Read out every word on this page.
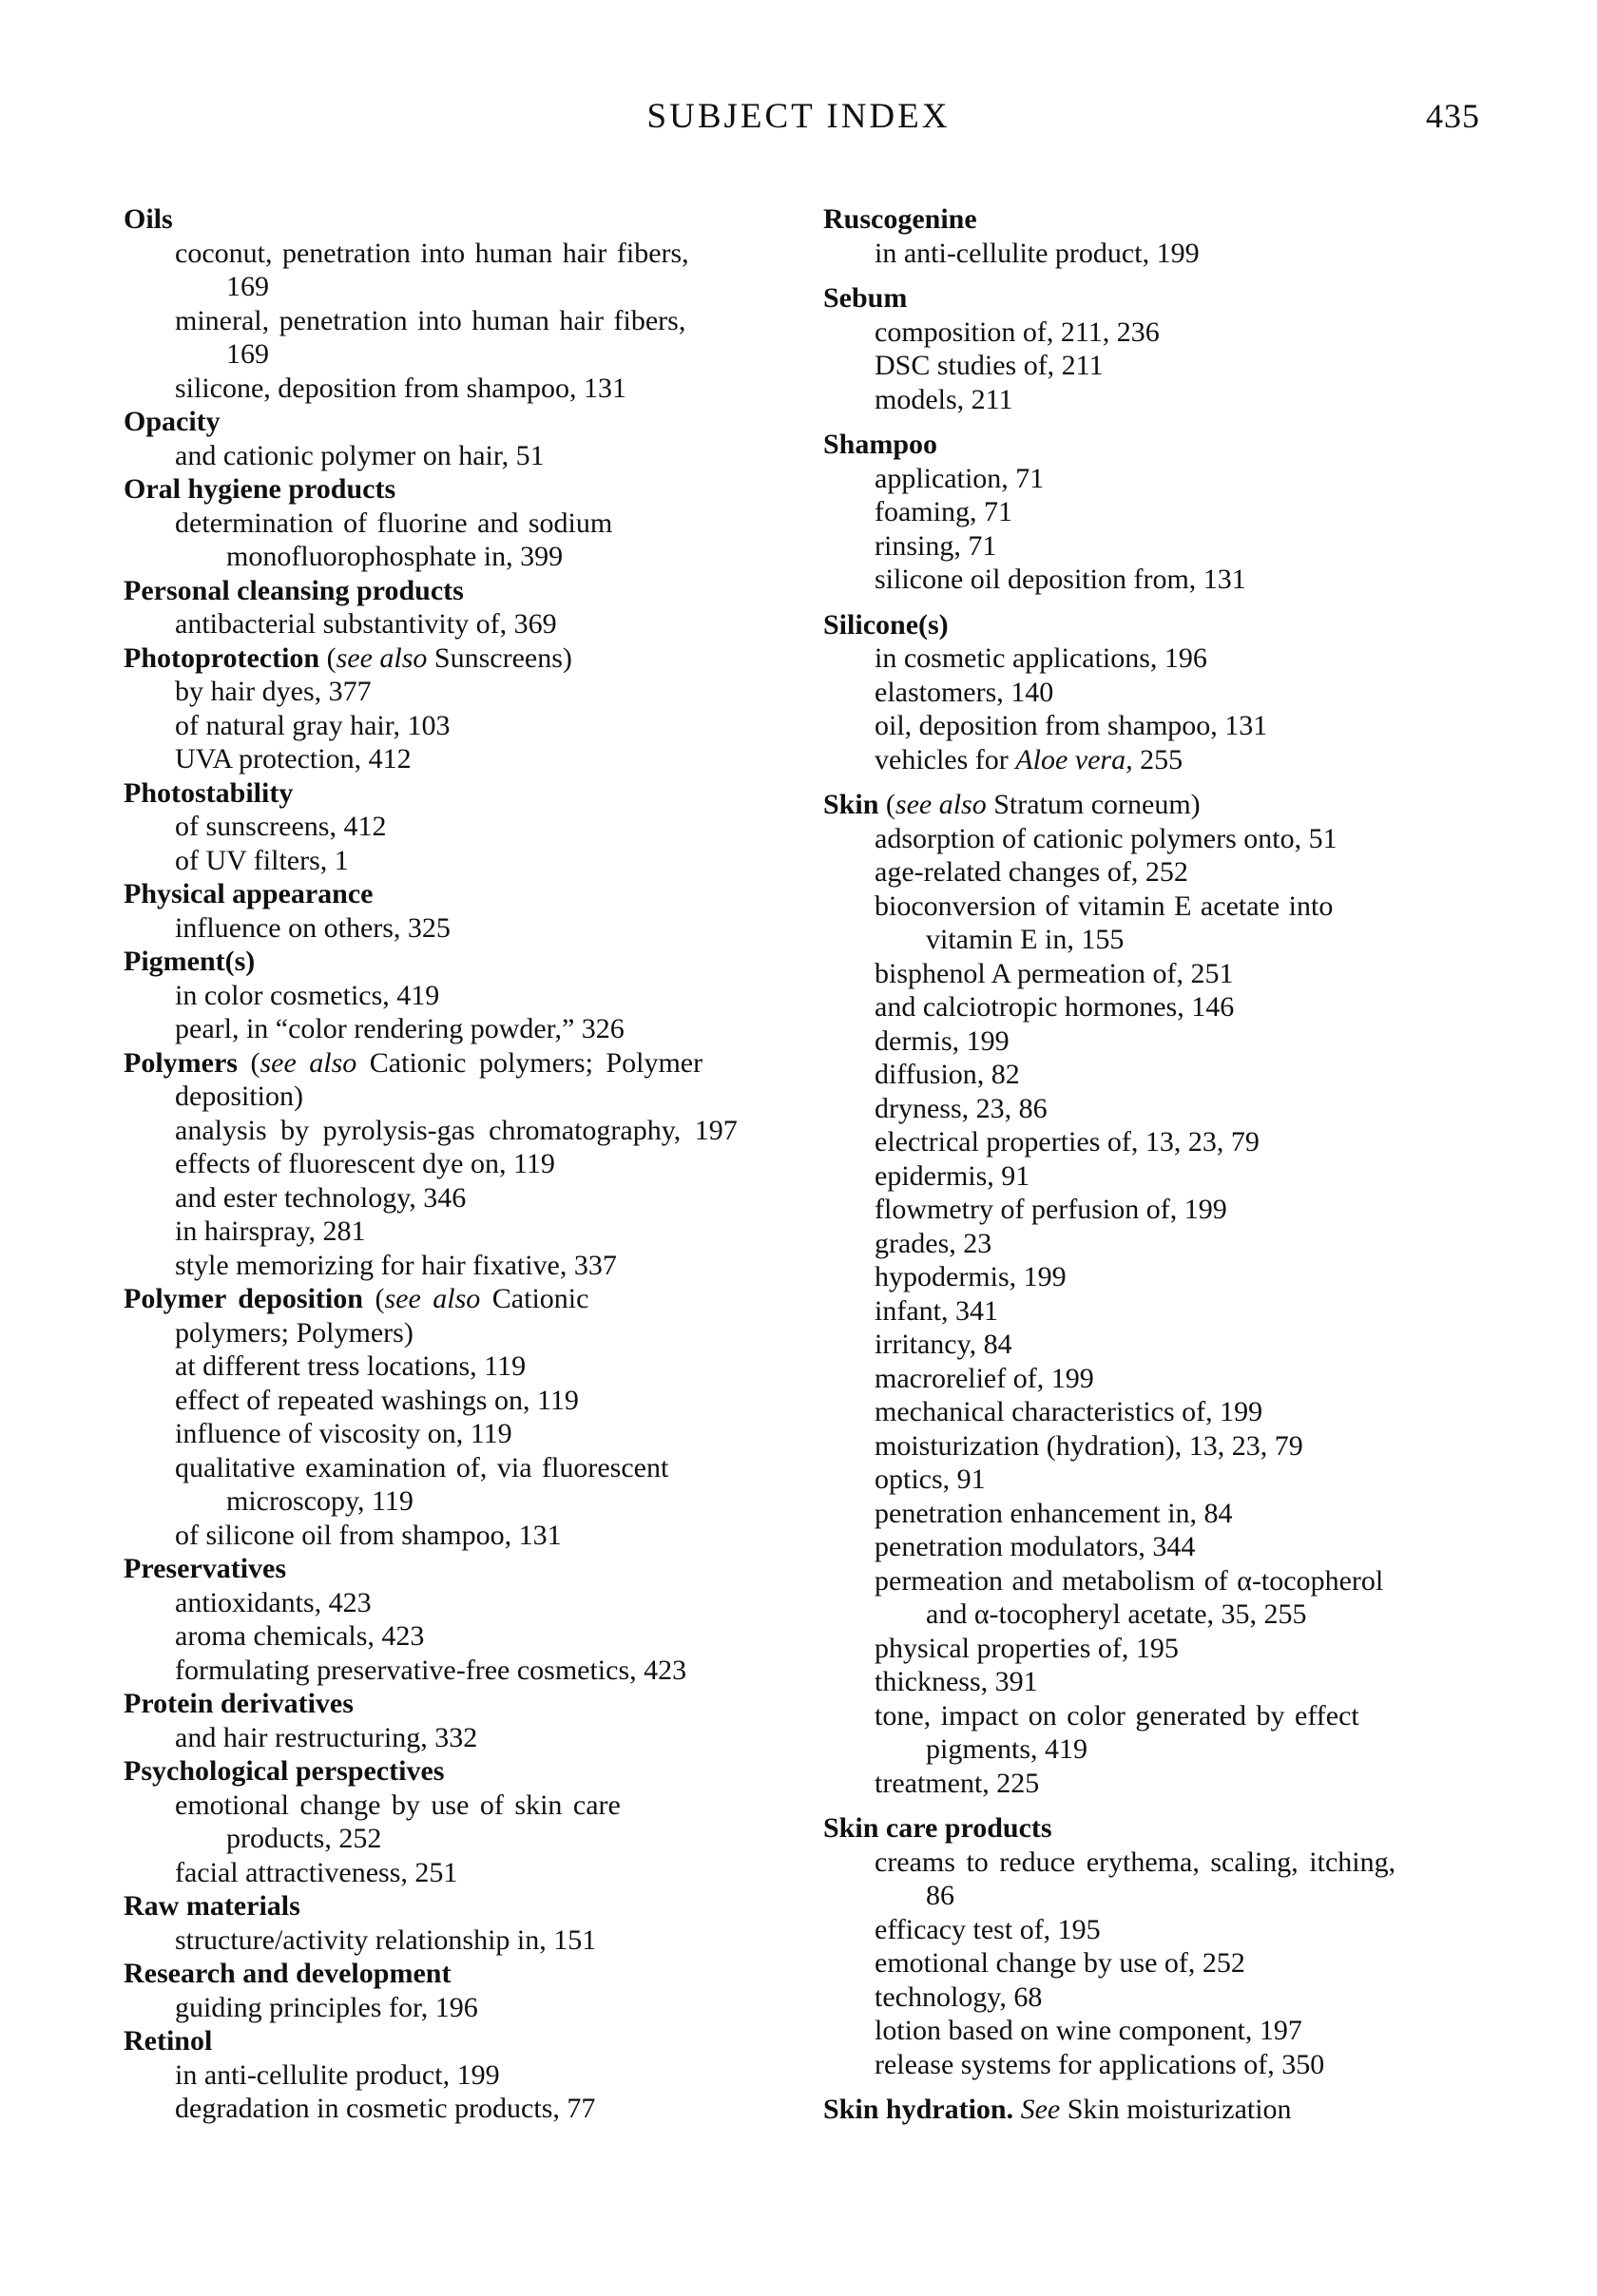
SUBJECT INDEX	435
Oils
coconut, penetration into human hair fibers,
169
mineral, penetration into human hair fibers,
169
silicone, deposition from shampoo, 131
Opacity
and cationic polymer on hair, 51
Oral hygiene products
determination of fluorine and sodium
monofluorophosphate in, 399
Personal cleansing products
antibacterial substantivity of, 369
Photoprotection (see also Sunscreens)
by hair dyes, 377
of natural gray hair, 103
UVA protection, 412
Photostability
of sunscreens, 412
of UV filters, 1
Physical appearance
influence on others, 325
Pigment(s)
in color cosmetics, 419
pearl, in “color rendering powder,” 326
Polymers (see also Cationic polymers; Polymer
deposition)
analysis by pyrolysis-gas chromatography, 197
effects of fluorescent dye on, 119
and ester technology, 346
in hairspray, 281
style memorizing for hair fixative, 337
Polymer deposition (see also Cationic
polymers; Polymers)
at different tress locations, 119
effect of repeated washings on, 119
influence of viscosity on, 119
qualitative examination of, via fluorescent
microscopy, 119
of silicone oil from shampoo, 131
Preservatives
antioxidants, 423
aroma chemicals, 423
formulating preservative-free cosmetics, 423
Protein derivatives
and hair restructuring, 332
Psychological perspectives
emotional change by use of skin care
products, 252
facial attractiveness, 251
Raw materials
structure/activity relationship in, 151
Research and development
guiding principles for, 196
Retinol
in anti-cellulite product, 199
degradation in cosmetic products, 77
Ruscogenine
in anti-cellulite product, 199
Sebum
composition of, 211, 236
DSC studies of, 211
models, 211
Shampoo
application, 71
foaming, 71
rinsing, 71
silicone oil deposition from, 131
Silicone(s)
in cosmetic applications, 196
elastomers, 140
oil, deposition from shampoo, 131
vehicles for Aloe vera, 255
Skin (see also Stratum corneum)
adsorption of cationic polymers onto, 51
age-related changes of, 252
bioconversion of vitamin E acetate into
vitamin E in, 155
bisphenol A permeation of, 251
and calciotropic hormones, 146
dermis, 199
diffusion, 82
dryness, 23, 86
electrical properties of, 13, 23, 79
epidermis, 91
flowmetry of perfusion of, 199
grades, 23
hypodermis, 199
infant, 341
irritancy, 84
macrorelief of, 199
mechanical characteristics of, 199
moisturization (hydration), 13, 23, 79
optics, 91
penetration enhancement in, 84
penetration modulators, 344
permeation and metabolism of α-tocopherol
and α-tocopheryl acetate, 35, 255
physical properties of, 195
thickness, 391
tone, impact on color generated by effect
pigments, 419
treatment, 225
Skin care products
creams to reduce erythema, scaling, itching,
86
efficacy test of, 195
emotional change by use of, 252
technology, 68
lotion based on wine component, 197
release systems for applications of, 350
Skin hydration. See Skin moisturization
